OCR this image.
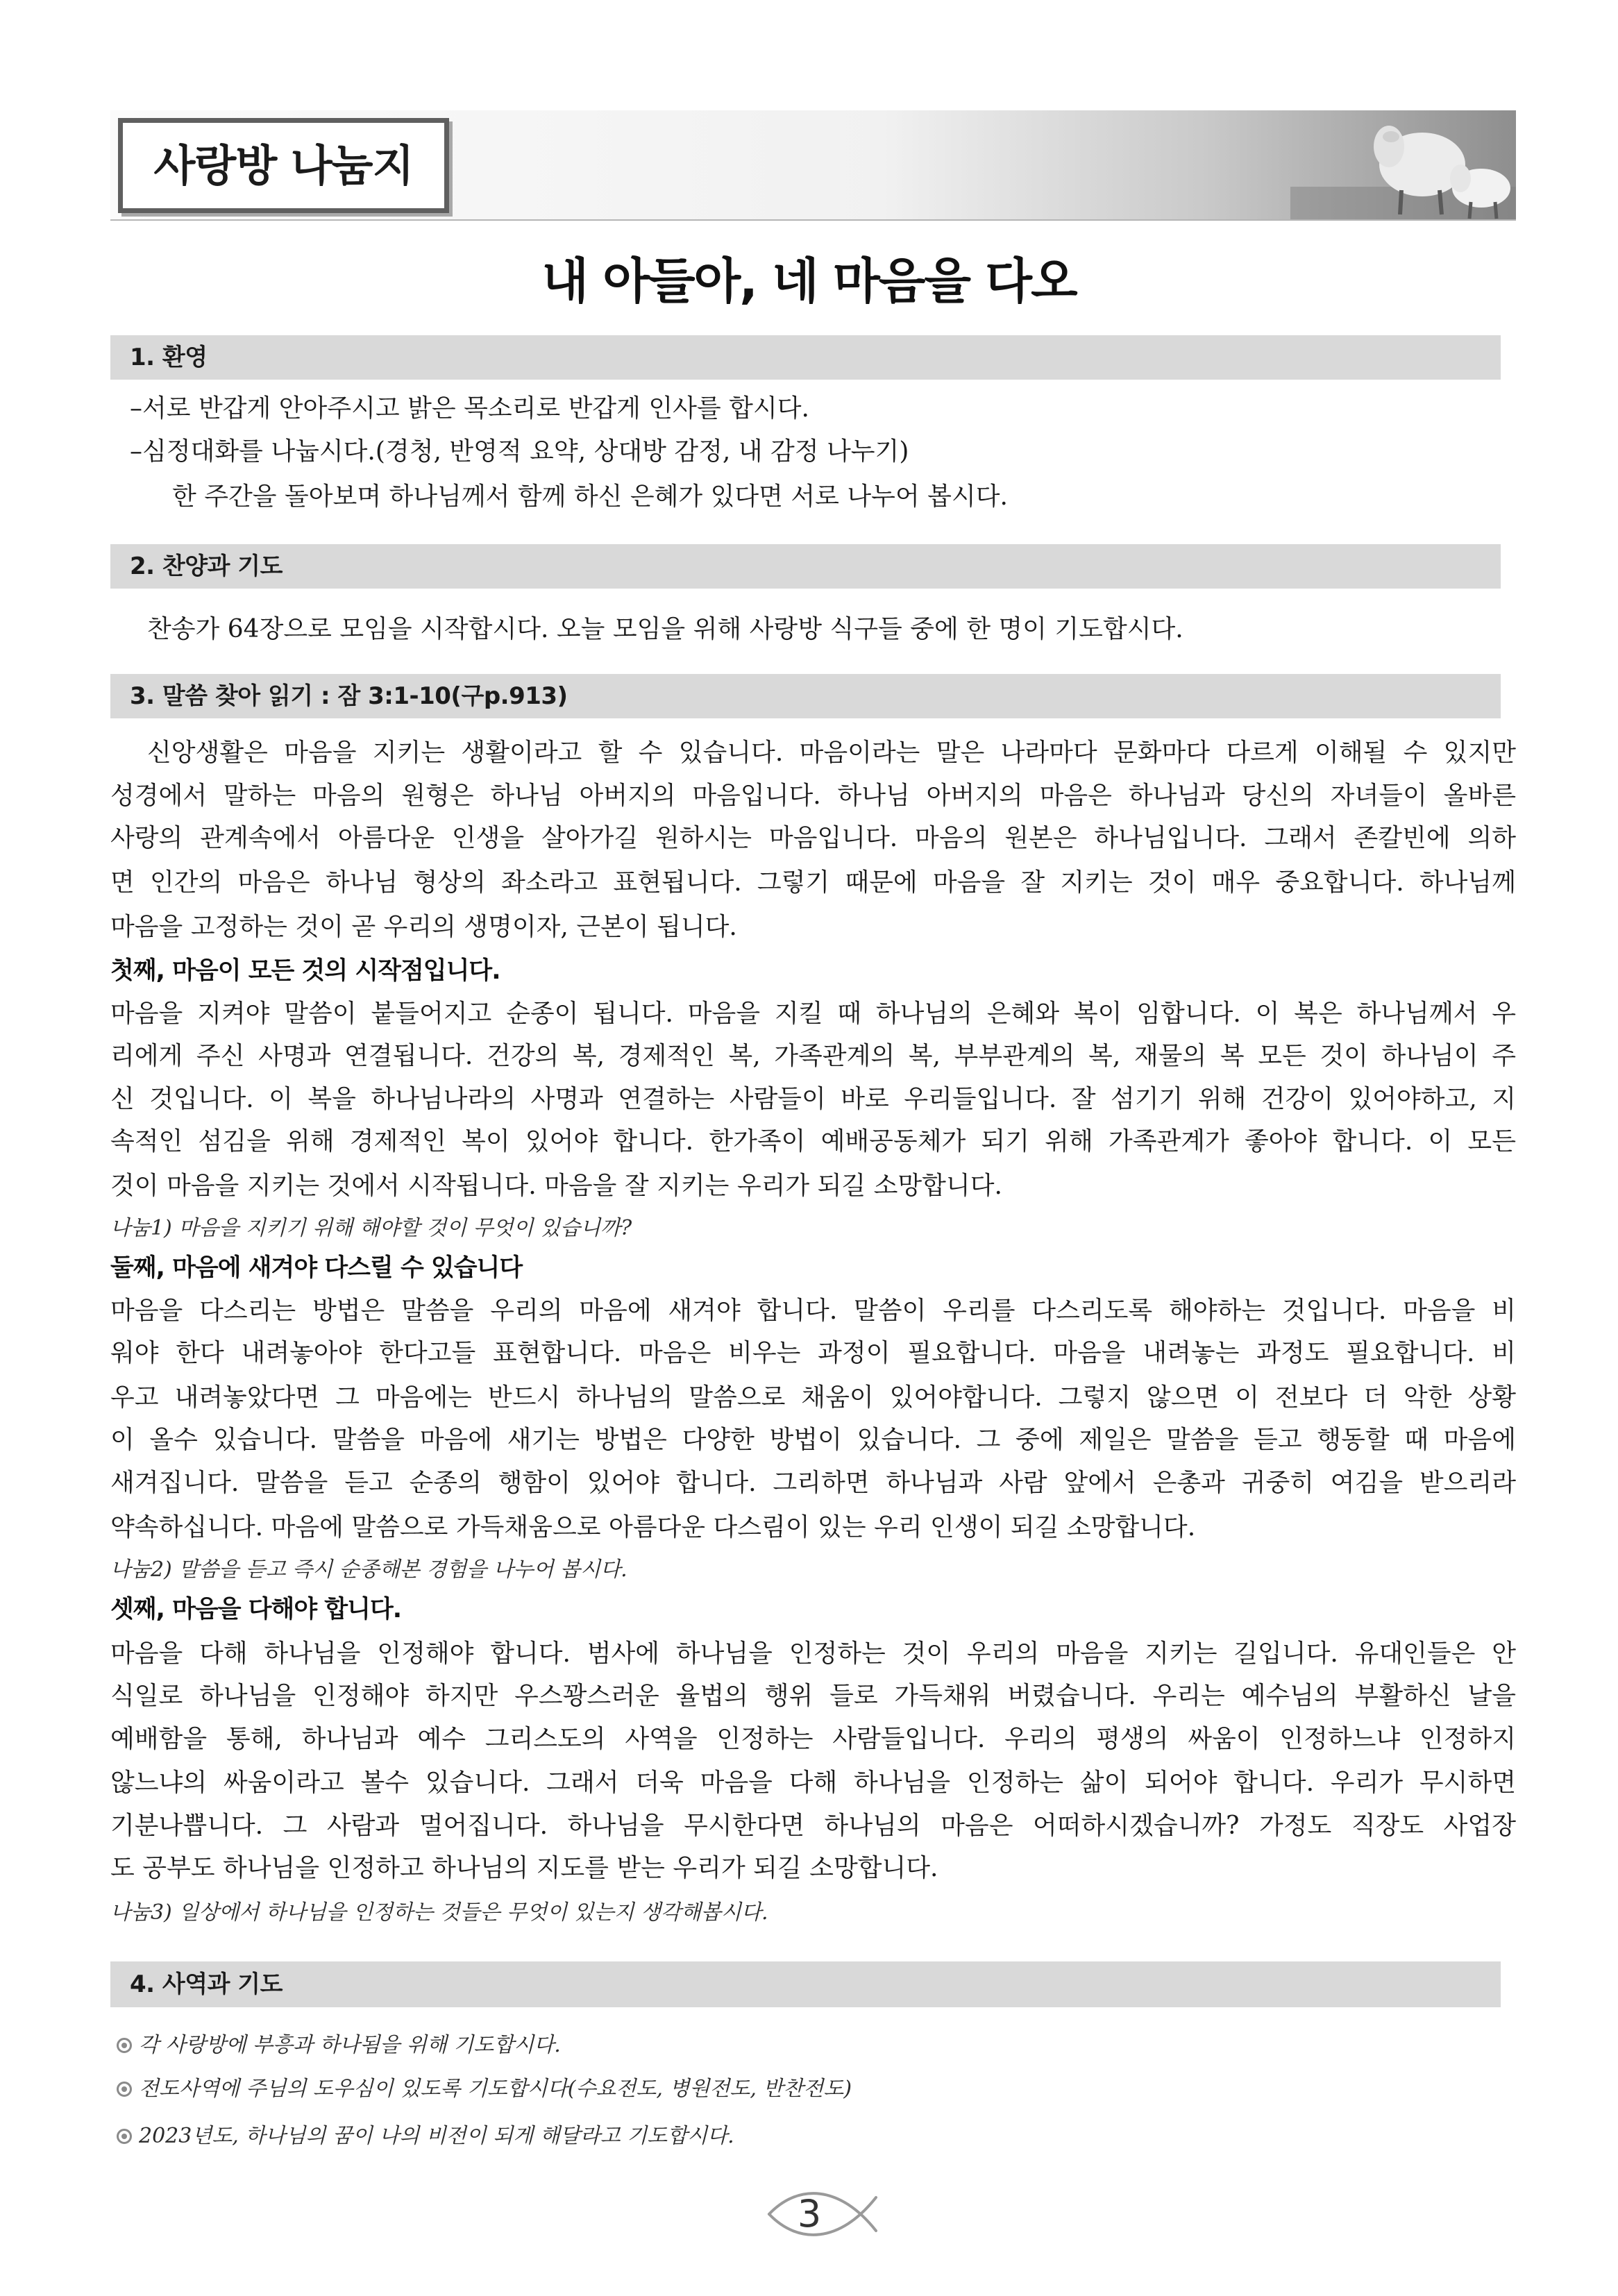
사랑방 나눔지
내 아들아, 네 마음을 다오
1. 환영
–서로 반갑게 안아주시고 밝은 목소리로 반갑게 인사를 합시다.
–심정대화를 나눕시다.(경청, 반영적 요약, 상대방 감정, 내 감정 나누기)
한 주간을 돌아보며 하나님께서 함께 하신 은혜가 있다면 서로 나누어 봅시다.
2. 찬양과 기도
찬송가 64장으로 모임을 시작합시다. 오늘 모임을 위해 사랑방 식구들 중에 한 명이 기도합시다.
3. 말씀 찾아 읽기 : 잠 3:1-10(구p.913)
신앙생활은 마음을 지키는 생활이라고 할 수 있습니다. 마음이라는 말은 나라마다 문화마다 다르게 이해될 수 있지만
성경에서 말하는 마음의 원형은 하나님 아버지의 마음입니다. 하나님 아버지의 마음은 하나님과 당신의 자녀들이 올바른
사랑의 관계속에서 아름다운 인생을 살아가길 원하시는 마음입니다. 마음의 원본은 하나님입니다. 그래서 존칼빈에 의하
면 인간의 마음은 하나님 형상의 좌소라고 표현됩니다. 그렇기 때문에 마음을 잘 지키는 것이 매우 중요합니다. 하나님께
마음을 고정하는 것이 곧 우리의 생명이자, 근본이 됩니다.
첫째, 마음이 모든 것의 시작점입니다.
마음을 지켜야 말씀이 붙들어지고 순종이 됩니다. 마음을 지킬 때 하나님의 은혜와 복이 임합니다. 이 복은 하나님께서 우
리에게 주신 사명과 연결됩니다. 건강의 복, 경제적인 복, 가족관계의 복, 부부관계의 복, 재물의 복 모든 것이 하나님이 주
신 것입니다. 이 복을 하나님나라의 사명과 연결하는 사람들이 바로 우리들입니다. 잘 섬기기 위해 건강이 있어야하고, 지
속적인 섬김을 위해 경제적인 복이 있어야 합니다. 한가족이 예배공동체가 되기 위해 가족관계가 좋아야 합니다. 이 모든
것이 마음을 지키는 것에서 시작됩니다. 마음을 잘 지키는 우리가 되길 소망합니다.
나눔1) 마음을 지키기 위해 해야할 것이 무엇이 있습니까?
둘째, 마음에 새겨야 다스릴 수 있습니다
마음을 다스리는 방법은 말씀을 우리의 마음에 새겨야 합니다. 말씀이 우리를 다스리도록 해야하는 것입니다. 마음을 비
워야 한다 내려놓아야 한다고들 표현합니다. 마음은 비우는 과정이 필요합니다. 마음을 내려놓는 과정도 필요합니다. 비
우고 내려놓았다면 그 마음에는 반드시 하나님의 말씀으로 채움이 있어야합니다. 그렇지 않으면 이 전보다 더 악한 상황
이 올수 있습니다. 말씀을 마음에 새기는 방법은 다양한 방법이 있습니다. 그 중에 제일은 말씀을 듣고 행동할 때 마음에
새겨집니다. 말씀을 듣고 순종의 행함이 있어야 합니다. 그리하면 하나님과 사람 앞에서 은총과 귀중히 여김을 받으리라
약속하십니다. 마음에 말씀으로 가득채움으로 아름다운 다스림이 있는 우리 인생이 되길 소망합니다.
나눔2) 말씀을 듣고 즉시 순종해본 경험을 나누어 봅시다.
셋째, 마음을 다해야 합니다.
마음을 다해 하나님을 인정해야 합니다. 범사에 하나님을 인정하는 것이 우리의 마음을 지키는 길입니다. 유대인들은 안
식일로 하나님을 인정해야 하지만 우스꽝스러운 율법의 행위 들로 가득채워 버렸습니다. 우리는 예수님의 부활하신 날을
예배함을 통해, 하나님과 예수 그리스도의 사역을 인정하는 사람들입니다. 우리의 평생의 싸움이 인정하느냐 인정하지
않느냐의 싸움이라고 볼수 있습니다. 그래서 더욱 마음을 다해 하나님을 인정하는 삶이 되어야 합니다. 우리가 무시하면
기분나쁩니다. 그 사람과 멀어집니다. 하나님을 무시한다면 하나님의 마음은 어떠하시겠습니까? 가정도 직장도 사업장
도 공부도 하나님을 인정하고 하나님의 지도를 받는 우리가 되길 소망합니다.
나눔3) 일상에서 하나님을 인정하는 것들은 무엇이 있는지 생각해봅시다.
4. 사역과 기도
각 사랑방에 부흥과 하나됨을 위해 기도합시다.
전도사역에 주님의 도우심이 있도록 기도합시다(수요전도, 병원전도, 반찬전도)
2023년도, 하나님의 꿈이 나의 비전이 되게 해달라고 기도합시다.
3
